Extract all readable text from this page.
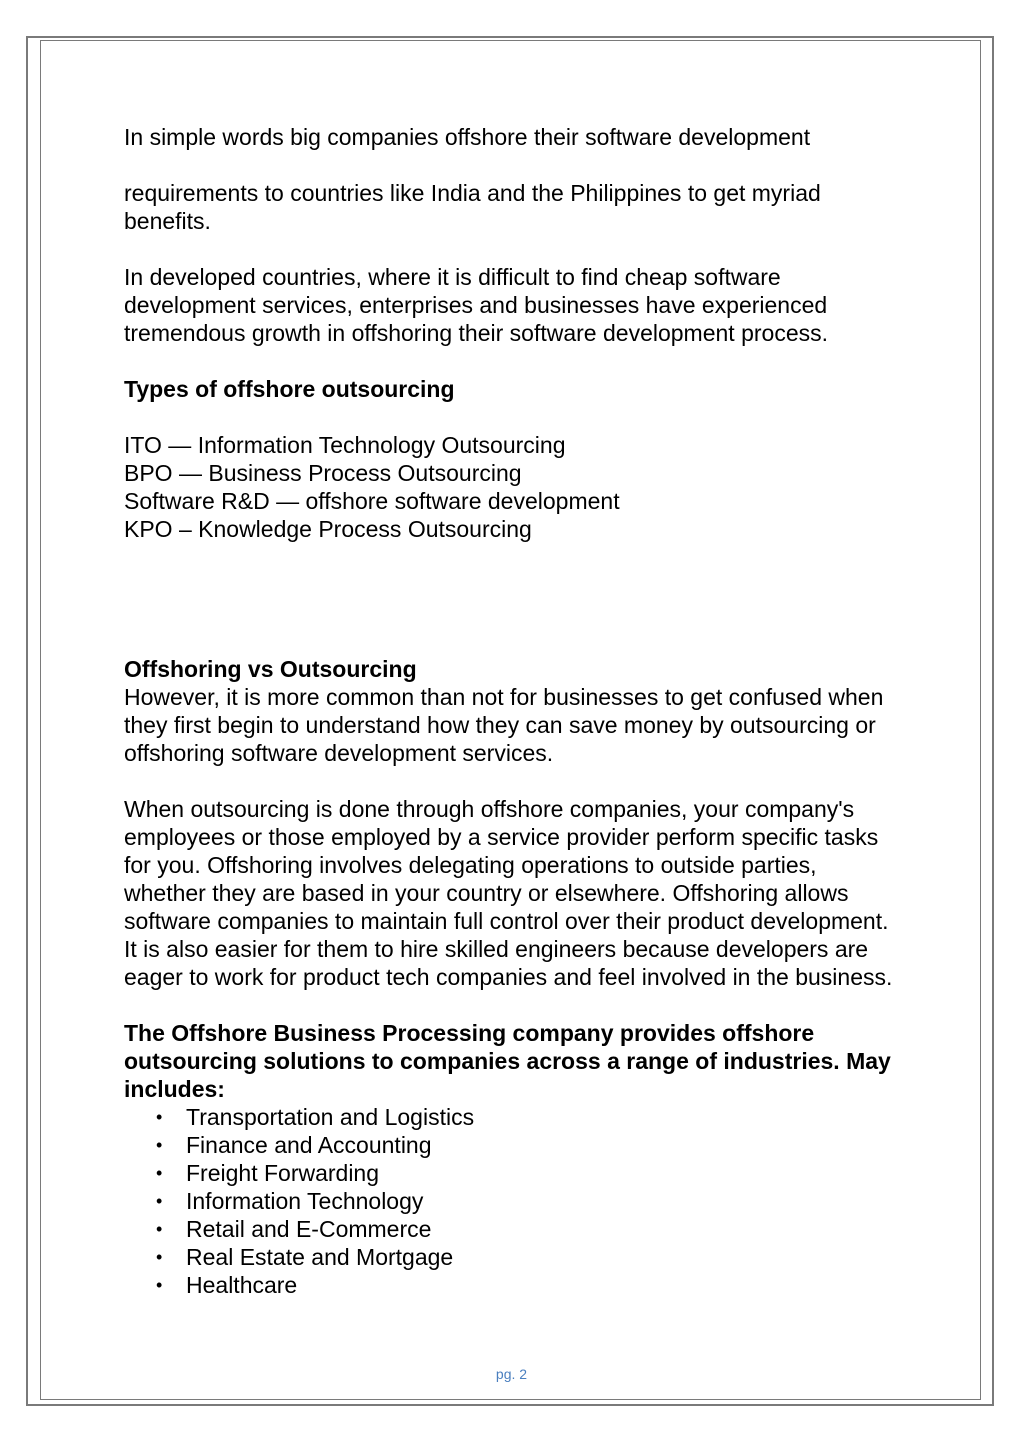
In simple words big companies offshore their software development

requirements to countries like India and the Philippines to get myriad benefits.

In developed countries, where it is difficult to find cheap software development services, enterprises and businesses have experienced tremendous growth in offshoring their software development process.

Types of offshore outsourcing

ITO — Information Technology Outsourcing

BPO — Business Process Outsourcing

Software R&D — offshore software development

KPO – Knowledge Process Outsourcing

Offshoring vs Outsourcing

However, it is more common than not for businesses to get confused when they first begin to understand how they can save money by outsourcing or offshoring software development services.

When outsourcing is done through offshore companies, your company's employees or those employed by a service provider perform specific tasks for you. Offshoring involves delegating operations to outside parties, whether they are based in your country or elsewhere. Offshoring allows software companies to maintain full control over their product development. It is also easier for them to hire skilled engineers because developers are eager to work for product tech companies and feel involved in the business.

The Offshore Business Processing company provides offshore outsourcing solutions to companies across a range of industries. May includes:

• Transportation and Logistics
• Finance and Accounting
• Freight Forwarding
• Information Technology
• Retail and E-Commerce
• Real Estate and Mortgage
• Healthcare
pg. 2
